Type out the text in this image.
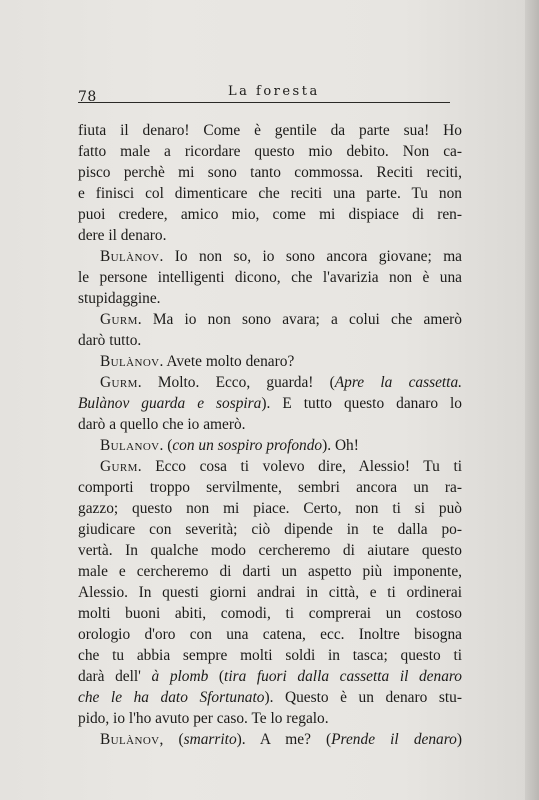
78	La foresta
fiuta il denaro! Come è gentile da parte sua! Ho
fatto male a ricordare questo mio debito. Non ca-
pisco perchè mi sono tanto commossa. Reciti reciti,
e finisci col dimenticare che reciti una parte. Tu non
puoi credere, amico mio, come mi dispiace di ren-
dere il denaro.
Bulànov. Io non so, io sono ancora giovane; ma
le persone intelligenti dicono, che l'avarizia non è una
stupidaggine.
Gurm. Ma io non sono avara; a colui che amerò
darò tutto.
Bulànov. Avete molto denaro?
Gurm. Molto. Ecco, guarda! (Apre la cassetta.
Bulànov guarda e sospira). E tutto questo danaro lo
darò a quello che io amerò.
Bulanov. (con un sospiro profondo). Oh!
Gurm. Ecco cosa ti volevo dire, Alessio! Tu ti
comporti troppo servilmente, sembri ancora un ra-
gazzo; questo non mi piace. Certo, non ti si può
giudicare con severità; ciò dipende in te dalla po-
vertà. In qualche modo cercheremo di aiutare questo
male e cercheremo di darti un aspetto più imponente,
Alessio. In questi giorni andrai in città, e ti ordinerai
molti buoni abiti, comodi, ti comprerai un costoso
orologio d'oro con una catena, ecc. Inoltre bisogna
che tu abbia sempre molti soldi in tasca; questo ti
darà dell' à plomb (tira fuori dalla cassetta il denaro
che le ha dato Sfortunato). Questo è un denaro stu-
pido, io l'ho avuto per caso. Te lo regalo.
Bulànov, (smarrito). A me? (Prende il denaro)
